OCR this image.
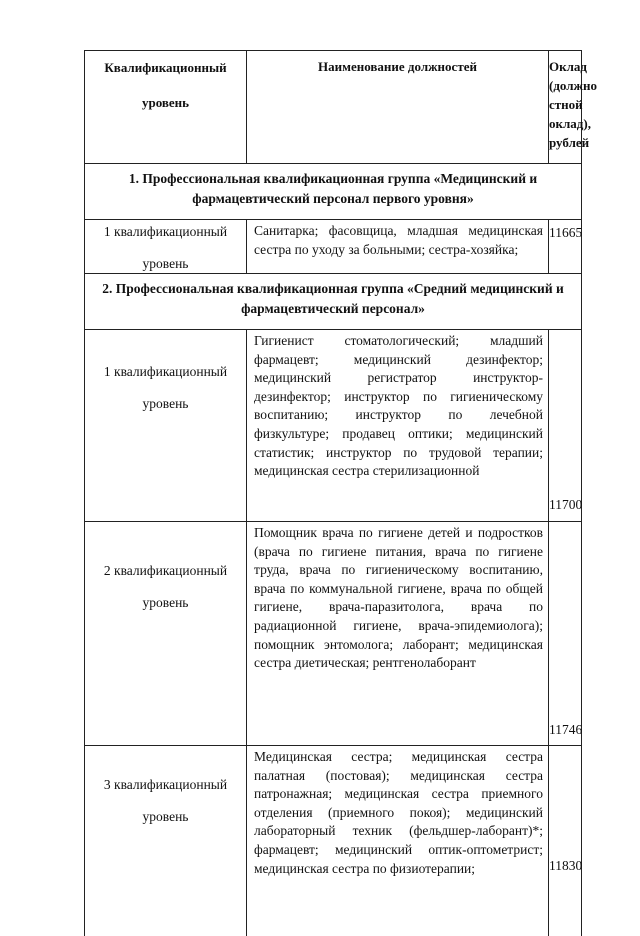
Квалификационный
уровень	Наименование должностей	Оклад
(должно
стной
оклад),
рублей

1. Профессиональная квалификационная группа «Медицинский и
фармацевтический персонал первого уровня»		

1 квалификационный
уровень	Санитарка; фасовщица, младшая медицинская сестра по уходу за больными; сестра-хозяйка;	11665

2. Профессиональная квалификационная группа «Средний медицинский и
фармацевтический персонал»		

1 квалификационный
уровень	Гигиенист стоматологический; младший фармацевт; медицинский дезинфектор; медицинский регистратор инструктор-дезинфектор; инструктор по гигиеническому воспитанию; инструктор по лечебной физкультуре; продавец оптики; медицинский статистик; инструктор по трудовой терапии; медицинская сестра стерилизационной	11700

2 квалификационный
уровень	Помощник врача по гигиене детей и подростков (врача по гигиене питания, врача по гигиене труда, врача по гигиеническому воспитанию, врача по коммунальной гигиене, врача по общей гигиене, врача-паразитолога, врача по радиационной гигиене, врача-эпидемиолога); помощник энтомолога; лаборант; медицинская сестра диетическая; рентгенолаборант	11746

3 квалификационный
уровень	Медицинская сестра; медицинская сестра палатная (постовая); медицинская сестра патронажная; медицинская сестра приемного отделения (приемного покоя); медицинский лабораторный техник (фельдшер-лаборант)*; фармацевт; медицинский оптик-оптометрист; медицинская сестра по физиотерапии;	11830
